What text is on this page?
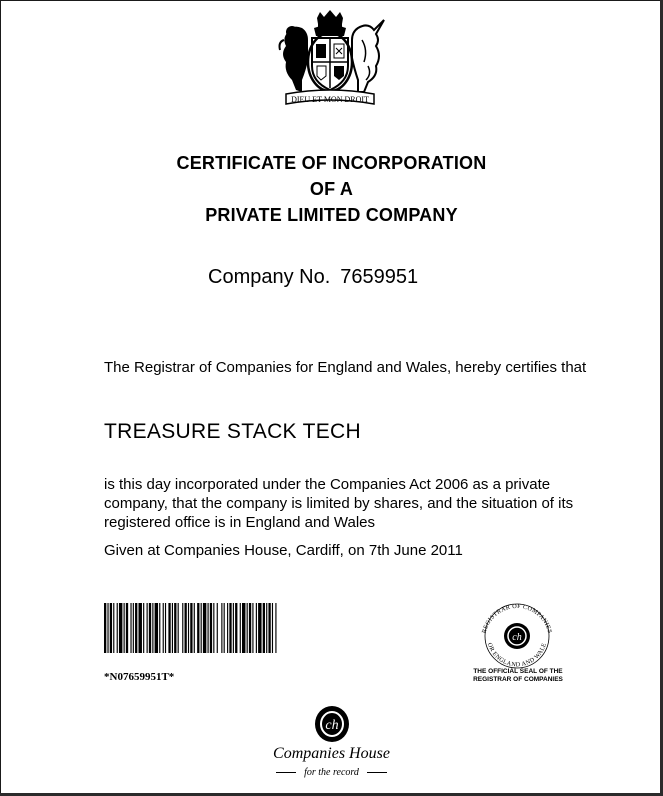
DIEU ET MON DROIT
CERTIFICATE OF INCORPORATION
OF A
PRIVATE LIMITED COMPANY
Company No. 7659951
The Registrar of Companies for England and Wales, hereby certifies that
TREASURE STACK TECH
is this day incorporated under the Companies Act 2006 as a private company, that the company is limited by shares, and the situation of its registered office is in England and Wales
Given at Companies House, Cardiff, on 7th June 2011
*N07659951T*
REGISTRAR OF COMPANIES
OR ENGLAND AND WALE
ch
THE OFFICIAL SEAL OF THE
REGISTRAR OF COMPANIES
ch
Companies House
for the record
